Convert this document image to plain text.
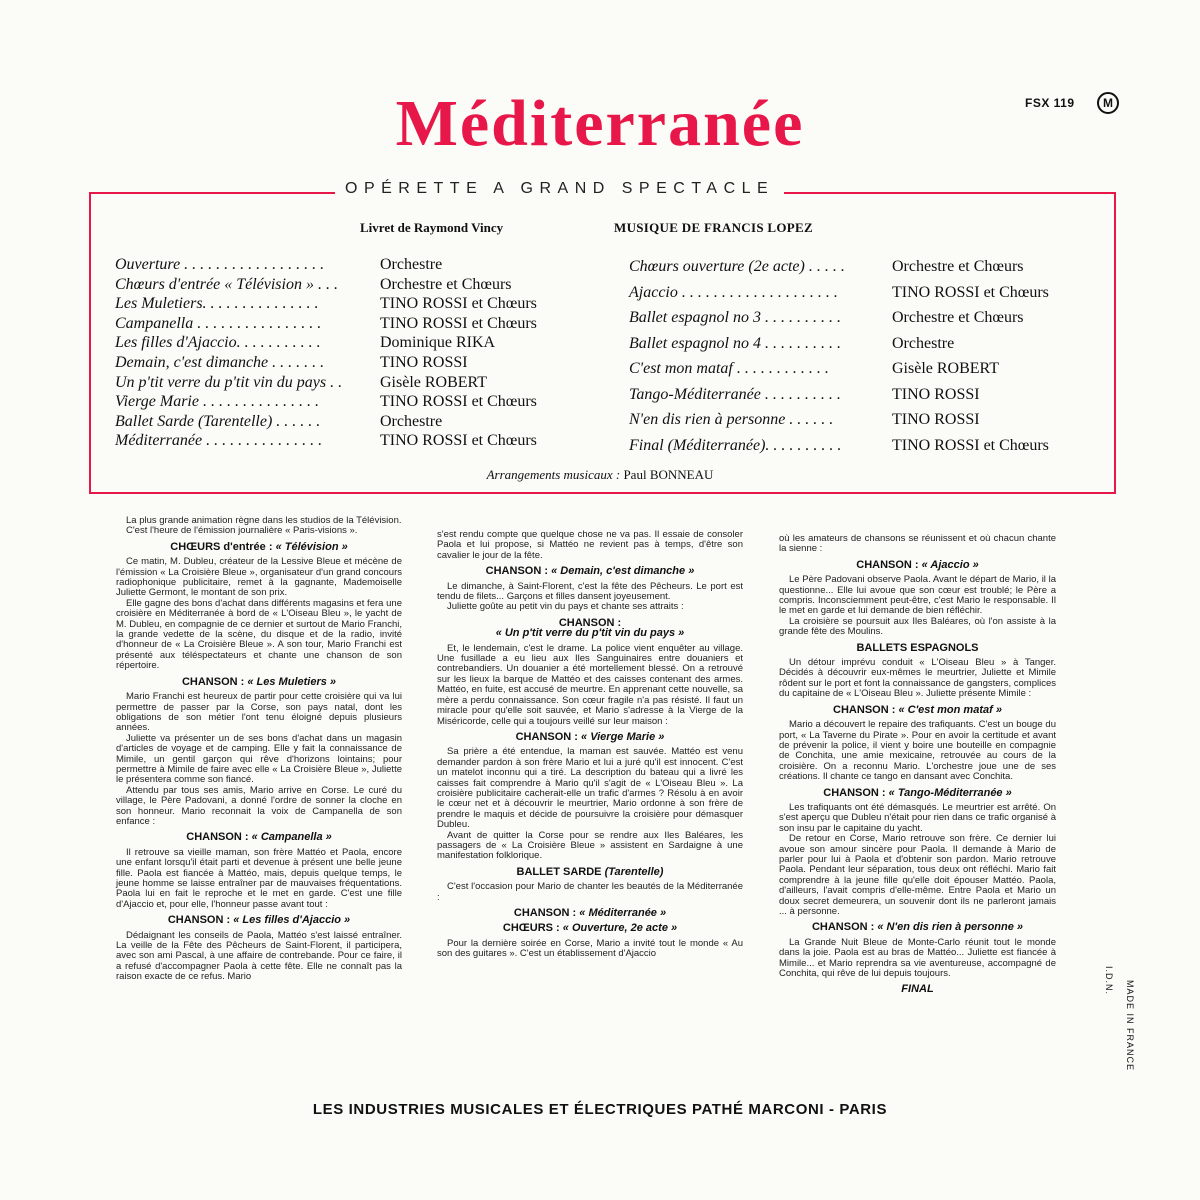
FSX 119	M
Méditerranée
OPÉRETTE A GRAND SPECTACLE
Livret de Raymond Vincy	MUSIQUE DE FRANCIS LOPEZ
Ouverture . . . . . . . . . . . . . . . . . .	Orchestre
Chœurs d'entrée « Télévision » . . .	Orchestre et Chœurs
Les Muletiers. . . . . . . . . . . . . . .	TINO ROSSI et Chœurs
Campanella . . . . . . . . . . . . . . . .	TINO ROSSI et Chœurs
Les filles d'Ajaccio. . . . . . . . . . .	Dominique RIKA
Demain, c'est dimanche . . . . . . .	TINO ROSSI
Un p'tit verre du p'tit vin du pays . . Gisèle ROBERT
Vierge Marie . . . . . . . . . . . . . . .	TINO ROSSI et Chœurs
Ballet Sarde (Tarentelle) . . . . . .	Orchestre
Méditerranée . . . . . . . . . . . . . . .	TINO ROSSI et Chœurs
Chœurs ouverture (2e acte) . . . . .	Orchestre et Chœurs
Ajaccio . . . . . . . . . . . . . . . . . . . .	TINO ROSSI et Chœurs
Ballet espagnol no 3 . . . . . . . . . .	Orchestre et Chœurs
Ballet espagnol no 4 . . . . . . . . . .	Orchestre
C'est mon mataf . . . . . . . . . . . .	Gisèle ROBERT
Tango-Méditerranée . . . . . . . . . .	TINO ROSSI
N'en dis rien à personne . . . . . .	TINO ROSSI
Final (Méditerranée). . . . . . . . . .	TINO ROSSI et Chœurs
Arrangements musicaux : Paul BONNEAU

La plus grande animation règne dans les studios de la Télévision.

C'est l'heure de l'émission journalière « Paris-visions ».

CHŒURS d'entrée : « Télévision »

Ce matin, M. Dubleu, créateur de la Lessive Bleue et mécène de l'émission « La Croisière Bleue », organisateur d'un grand concours radiophonique publicitaire, remet à la gagnante, Mademoiselle Juliette Germont, le montant de son prix.

Elle gagne des bons d'achat dans différents magasins et fera une croisière en Méditerranée à bord de « L'Oiseau Bleu », le yacht de M. Dubleu, en compagnie de ce dernier et surtout de Mario Franchi, la grande vedette de la scène, du disque et de la radio, invité d'honneur de « La Croisière Bleue ». A son tour, Mario Franchi est présenté aux téléspectateurs et chante une chanson de son répertoire.

CHANSON : « Les Muletiers »

Mario Franchi est heureux de partir pour cette croisière qui va lui permettre de passer par la Corse, son pays natal, dont les obligations de son métier l'ont tenu éloigné depuis plusieurs années.

Juliette va présenter un de ses bons d'achat dans un magasin d'articles de voyage et de camping. Elle y fait la connaissance de Mimile, un gentil garçon qui rêve d'horizons lointains; pour permettre à Mimile de faire avec elle « La Croisière Bleue », Juliette le présentera comme son fiancé.

Attendu par tous ses amis, Mario arrive en Corse. Le curé du village, le Père Padovani, a donné l'ordre de sonner la cloche en son honneur. Mario reconnait la voix de Campanella de son enfance :

CHANSON : « Campanella »

Il retrouve sa vieille maman, son frère Mattéo et Paola, encore une enfant lorsqu'il était parti et devenue à présent une belle jeune fille. Paola est fiancée à Mattéo, mais, depuis quelque temps, le jeune homme se laisse entraîner par de mauvaises fréquentations. Paola lui en fait le reproche et le met en garde. C'est une fille d'Ajaccio et, pour elle, l'honneur passe avant tout :

CHANSON : « Les filles d'Ajaccio »

Dédaignant les conseils de Paola, Mattéo s'est laissé entraîner. La veille de la Fête des Pêcheurs de Saint-Florent, il participera, avec son ami Pascal, à une affaire de contrebande. Pour ce faire, il a refusé d'accompagner Paola à cette fête. Elle ne connaît pas la raison exacte de ce refus. Mario

s'est rendu compte que quelque chose ne va pas. Il essaie de consoler Paola et lui propose, si Mattéo ne revient pas à temps, d'être son cavalier le jour de la fête.

CHANSON : « Demain, c'est dimanche »

Le dimanche, à Saint-Florent, c'est la fête des Pêcheurs. Le port est tendu de filets... Garçons et filles dansent joyeusement.

Juliette goûte au petit vin du pays et chante ses attraits :

CHANSON :
« Un p'tit verre du p'tit vin du pays »

Et, le lendemain, c'est le drame. La police vient enquêter au village. Une fusillade a eu lieu aux Iles Sanguinaires entre douaniers et contrebandiers. Un douanier a été mortellement blessé. On a retrouvé sur les lieux la barque de Mattéo et des caisses contenant des armes. Mattéo, en fuite, est accusé de meurtre. En apprenant cette nouvelle, sa mère a perdu connaissance. Son cœur fragile n'a pas résisté. Il faut un miracle pour qu'elle soit sauvée, et Mario s'adresse à la Vierge de la Miséricorde, celle qui a toujours veillé sur leur maison :

CHANSON : « Vierge Marie »

Sa prière a été entendue, la maman est sauvée. Mattéo est venu demander pardon à son frère Mario et lui a juré qu'il est innocent. C'est un matelot inconnu qui a tiré. La description du bateau qui a livré les caisses fait comprendre à Mario qu'il s'agit de « L'Oiseau Bleu ». La croisière publicitaire cacherait-elle un trafic d'armes ? Résolu à en avoir le cœur net et à découvrir le meurtrier, Mario ordonne à son frère de prendre le maquis et décide de poursuivre la croisière pour démasquer Dubleu.

Avant de quitter la Corse pour se rendre aux Iles Baléares, les passagers de « La Croisière Bleue » assistent en Sardaigne à une manifestation folklorique.

BALLET SARDE (Tarentelle)

C'est l'occasion pour Mario de chanter les beautés de la Méditerranée :

CHANSON : « Méditerranée »

CHŒURS : « Ouverture, 2e acte »

Pour la dernière soirée en Corse, Mario a invité tout le monde « Au son des guitares ». C'est un établissement d'Ajaccio

où les amateurs de chansons se réunissent et où chacun chante la sienne :

CHANSON : « Ajaccio »

Le Père Padovani observe Paola. Avant le départ de Mario, il la questionne... Elle lui avoue que son cœur est troublé; le Père a compris. Inconsciemment peut-être, c'est Mario le responsable. Il le met en garde et lui demande de bien réfléchir.

La croisière se poursuit aux Iles Baléares, où l'on assiste à la grande fête des Moulins.

BALLETS ESPAGNOLS

Un détour imprévu conduit « L'Oiseau Bleu » à Tanger. Décidés à découvrir eux-mêmes le meurtrier, Juliette et Mimile rôdent sur le port et font la connaissance de gangsters, complices du capitaine de « L'Oiseau Bleu ». Juliette présente Mimile :

CHANSON : « C'est mon mataf »

Mario a découvert le repaire des trafiquants. C'est un bouge du port, « La Taverne du Pirate ». Pour en avoir la certitude et avant de prévenir la police, il vient y boire une bouteille en compagnie de Conchita, une amie mexicaine, retrouvée au cours de la croisière. On a reconnu Mario. L'orchestre joue une de ses créations. Il chante ce tango en dansant avec Conchita.

CHANSON : « Tango-Méditerranée »

Les trafiquants ont été démasqués. Le meurtrier est arrêté. On s'est aperçu que Dubleu n'était pour rien dans ce trafic organisé à son insu par le capitaine du yacht.

De retour en Corse, Mario retrouve son frère. Ce dernier lui avoue son amour sincère pour Paola. Il demande à Mario de parler pour lui à Paola et d'obtenir son pardon. Mario retrouve Paola. Pendant leur séparation, tous deux ont réfléchi. Mario fait comprendre à la jeune fille qu'elle doit épouser Mattéo. Paola, d'ailleurs, l'avait compris d'elle-même. Entre Paola et Mario un doux secret demeurera, un souvenir dont ils ne parleront jamais ... à personne.

CHANSON : « N'en dis rien à personne »

La Grande Nuit Bleue de Monte-Carlo réunit tout le monde dans la joie. Paola est au bras de Mattéo... Juliette est fiancée à Mimile... et Mario reprendra sa vie aventureuse, accompagné de Conchita, qui rêve de lui depuis toujours.

FINAL	I.D.N. MADE IN FRANCE
LES INDUSTRIES MUSICALES ET ÉLECTRIQUES PATHÉ MARCONI - PARIS
